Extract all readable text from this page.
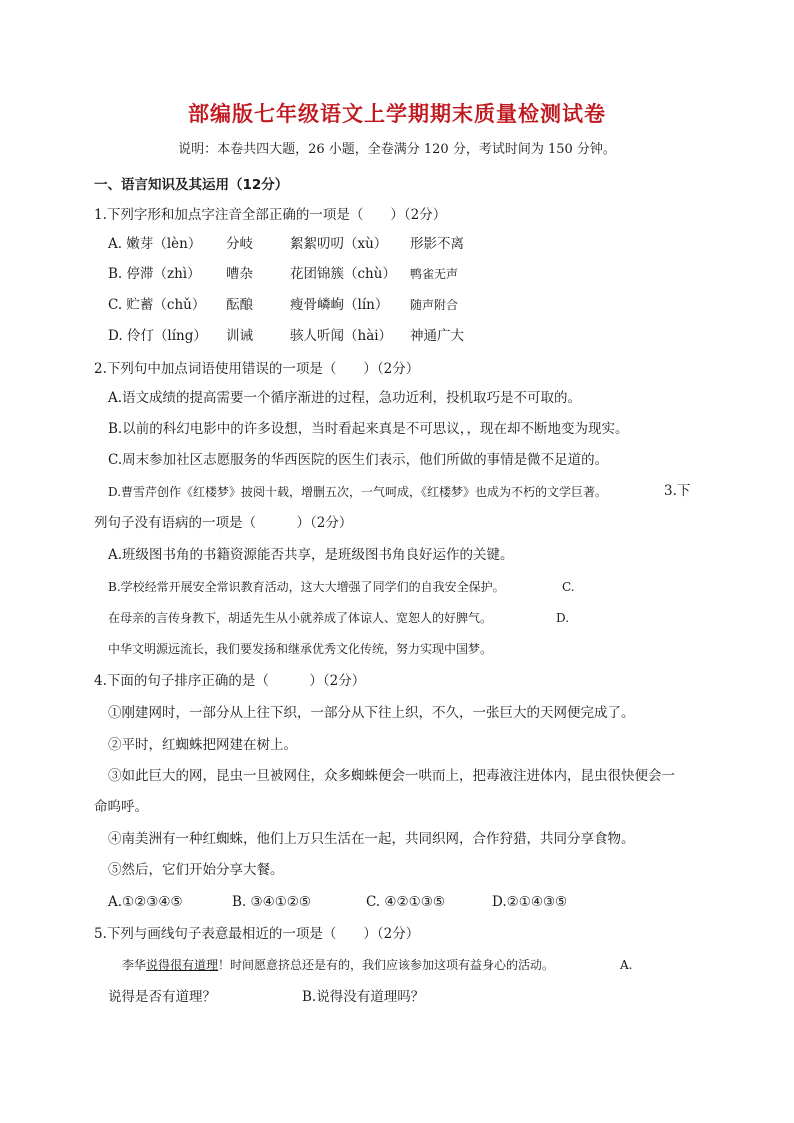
部编版七年级语文上学期期末质量检测试卷
说明：本卷共四大题，26 小题，全卷满分 120 分，考试时间为 150 分钟。
一、语言知识及其运用（12分）
1.下列字形和加点字注音全部正确的一项是（　　）（2分）
A. 嫩芽（lèn） 分岐	絮絮叨叨（xù） 形影不离
B. 停滞（zhì） 嘈杂	花团锦簇（chù） 鸭雀无声
C. 贮蓄（chǔ） 酝酿	瘦骨嶙峋（lín） 随声附合
D. 伶仃（líng） 训诫	骇人听闻（hài） 神通广大
2.下列句中加点词语使用错误的一项是（　　）（2分）
A.语文成绩的提高需要一个循序渐进的过程，急功近利，投机取巧是不可取的。
B.以前的科幻电影中的许多设想，当时看起来真是不可思议，，现在却不断地变为现实。
C.周末参加社区志愿服务的华西医院的医生们表示，他们所做的事情是微不足道的。
D.曹雪芹创作《红楼梦》披阅十载，增删五次，一气呵成，《红楼梦》也成为不朽的文学巨著。	3.下
列句子没有语病的一项是（　　　）（2分）
A.班级图书角的书籍资源能否共享，是班级图书角良好运作的关键。
B.学校经常开展安全常识教育活动，这大大增强了同学们的自我安全保护。	C.
在母亲的言传身教下，胡适先生从小就养成了体谅人、宽恕人的好脾气。	D.
中华文明源远流长，我们要发扬和继承优秀文化传统，努力实现中国梦。
4.下面的句子排序正确的是（　　　）（2分）
①刚建网时，一部分从上往下织，一部分从下往上织，不久，一张巨大的天网便完成了。
②平时，红蜘蛛把网建在树上。
③如此巨大的网，昆虫一旦被网住，众多蜘蛛便会一哄而上，把毒液注进体内，昆虫很快便会一
命呜呼。
④南美洲有一种红蜘蛛，他们上万只生活在一起，共同织网，合作狩猎，共同分享食物。
⑤然后，它们开始分享大餐。
A.①②③④⑤	B. ③④①②⑤	C. ④②①③⑤	D.②①④③⑤
5.下列与画线句子表意最相近的一项是（　　）（2分）
李华说得很有道理！时间愿意挤总还是有的，我们应该参加这项有益身心的活动。	A.
说得是否有道理？	B.说得没有道理吗？
